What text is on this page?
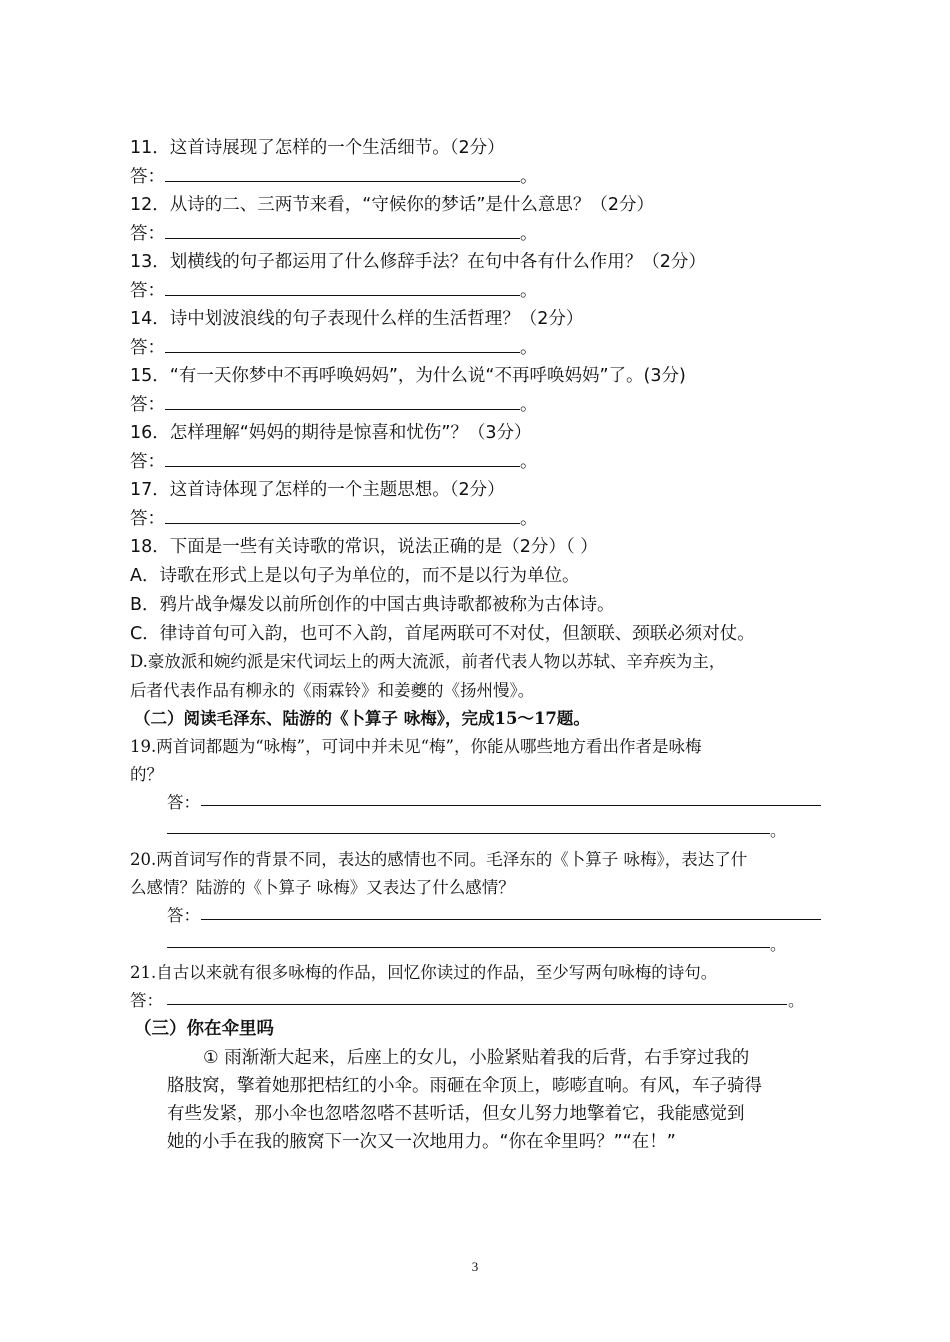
11．这首诗展现了怎样的一个生活细节。（2分）
答：	。
12．从诗的二、三两节来看，“守候你的梦话”是什么意思？（2分）
答：	。
13．划横线的句子都运用了什么修辞手法？在句中各有什么作用？（2分）
答：	。
14．诗中划波浪线的句子表现什么样的生活哲理？（2分）
答：	。
15．“有一天你梦中不再呼唤妈妈”，为什么说“不再呼唤妈妈”了。(3分)
答：	。
16．怎样理解“妈妈的期待是惊喜和忧伤”？（3分）
答：	。
17．这首诗体现了怎样的一个主题思想。（2分）
答：	。
18．下面是一些有关诗歌的常识，说法正确的是（2分）（ ）
A．诗歌在形式上是以句子为单位的，而不是以行为单位。
B．鸦片战争爆发以前所创作的中国古典诗歌都被称为古体诗。
C．律诗首句可入韵，也可不入韵，首尾两联可不对仗，但颔联、颈联必须对仗。
D.豪放派和婉约派是宋代词坛上的两大流派，前者代表人物以苏轼、辛弃疾为主，
后者代表作品有柳永的《雨霖铃》和姜夔的《扬州慢》。
（二）阅读毛泽东、陆游的《卜算子 咏梅》，完成15～17题。
19.两首词都题为“咏梅”，可词中并未见“梅”，你能从哪些地方看出作者是咏梅
的？
答：
。
20.两首词写作的背景不同，表达的感情也不同。毛泽东的《卜算子 咏梅》，表达了什
么感情？陆游的《卜算子 咏梅》又表达了什么感情？
答：
。
21.自古以来就有很多咏梅的作品，回忆你读过的作品，至少写两句咏梅的诗句。
答：	。
（三）你在伞里吗
① 雨渐渐大起来，后座上的女儿，小脸紧贴着我的后背，右手穿过我的
胳肢窝，擎着她那把桔红的小伞。雨砸在伞顶上，嘭嘭直响。有风，车子骑得
有些发紧，那小伞也忽嗒忽嗒不甚听话，但女儿努力地擎着它，我能感觉到
她的小手在我的腋窝下一次又一次地用力。“你在伞里吗？”“在！”
3
